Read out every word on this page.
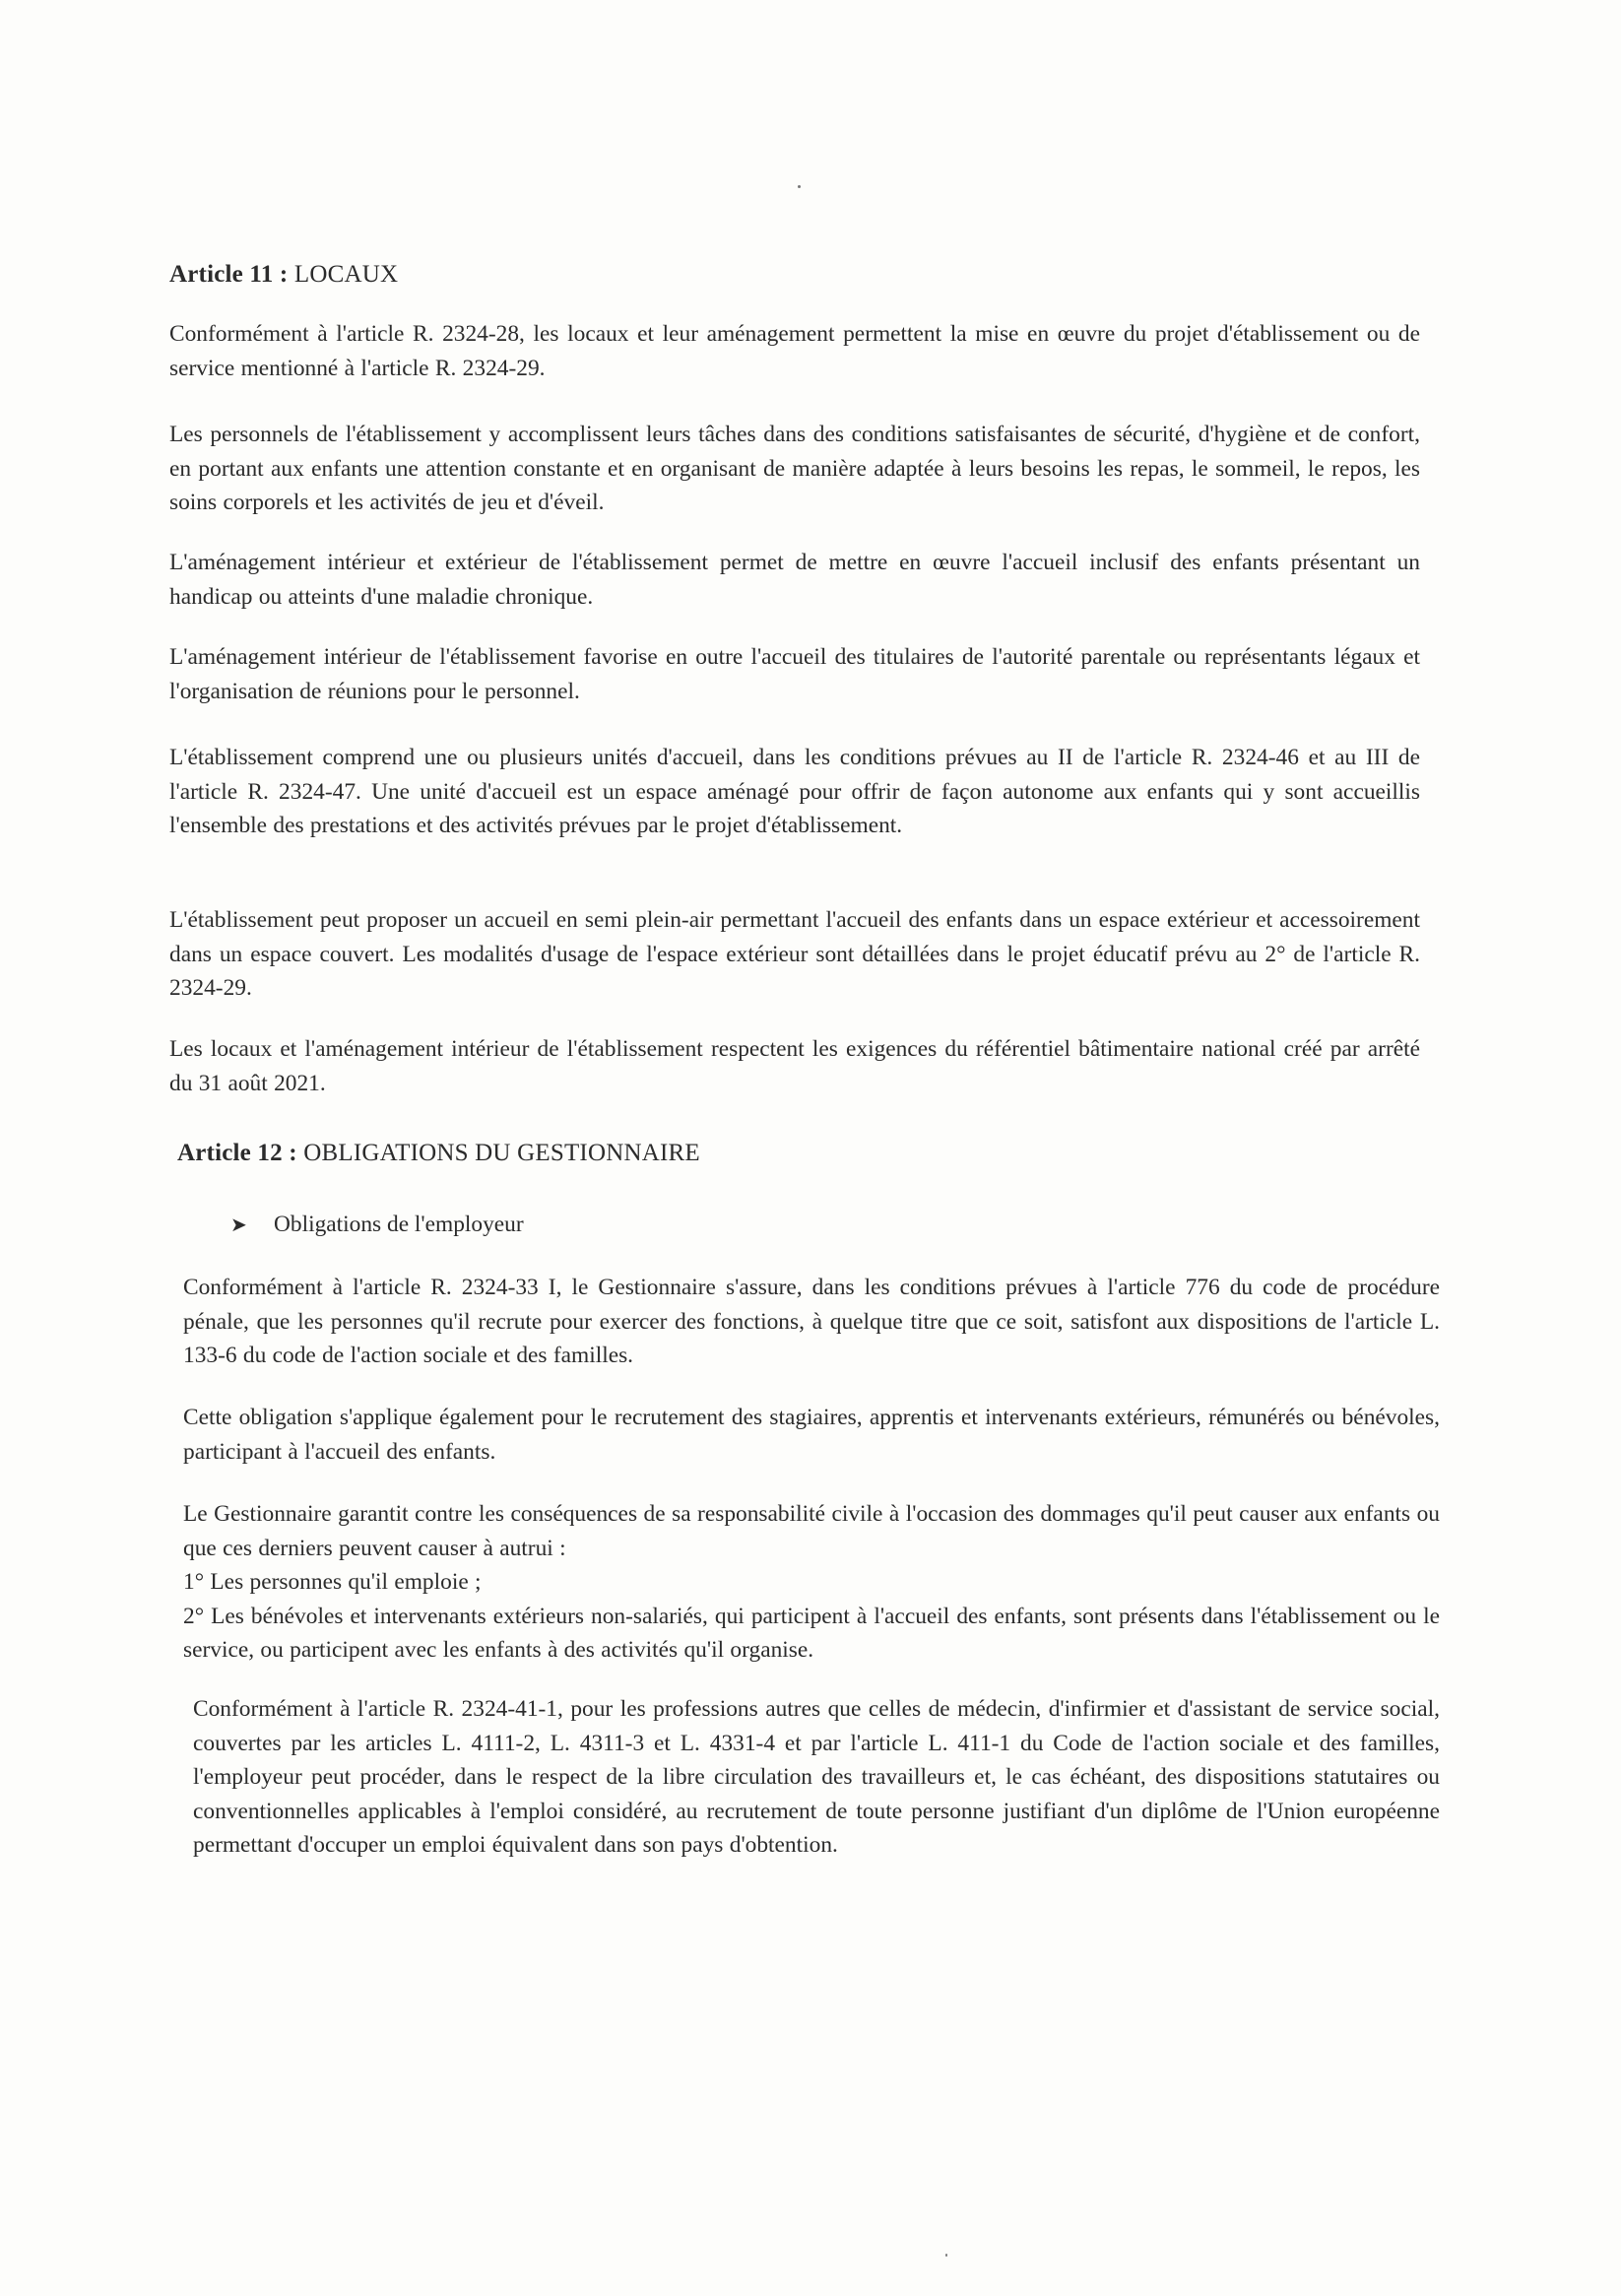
Article 11 : LOCAUX

Conformément à l'article R. 2324-28, les locaux et leur aménagement permettent la mise en œuvre du projet d'établissement ou de service mentionné à l'article R. 2324-29.

Les personnels de l'établissement y accomplissent leurs tâches dans des conditions satisfaisantes de sécurité, d'hygiène et de confort, en portant aux enfants une attention constante et en organisant de manière adaptée à leurs besoins les repas, le sommeil, le repos, les soins corporels et les activités de jeu et d'éveil.

L'aménagement intérieur et extérieur de l'établissement permet de mettre en œuvre l'accueil inclusif des enfants présentant un handicap ou atteints d'une maladie chronique.

L'aménagement intérieur de l'établissement favorise en outre l'accueil des titulaires de l'autorité parentale ou représentants légaux et l'organisation de réunions pour le personnel.

L'établissement comprend une ou plusieurs unités d'accueil, dans les conditions prévues au II de l'article R. 2324-46 et au III de l'article R. 2324-47. Une unité d'accueil est un espace aménagé pour offrir de façon autonome aux enfants qui y sont accueillis l'ensemble des prestations et des activités prévues par le projet d'établissement.

L'établissement peut proposer un accueil en semi plein-air permettant l'accueil des enfants dans un espace extérieur et accessoirement dans un espace couvert. Les modalités d'usage de l'espace extérieur sont détaillées dans le projet éducatif prévu au 2° de l'article R. 2324-29.

Les locaux et l'aménagement intérieur de l'établissement respectent les exigences du référentiel bâtimentaire national créé par arrêté du 31 août 2021.

Article 12 : OBLIGATIONS DU GESTIONNAIRE

➤ Obligations de l'employeur

Conformément à l'article R. 2324-33 I, le Gestionnaire s'assure, dans les conditions prévues à l'article 776 du code de procédure pénale, que les personnes qu'il recrute pour exercer des fonctions, à quelque titre que ce soit, satisfont aux dispositions de l'article L. 133-6 du code de l'action sociale et des familles.

Cette obligation s'applique également pour le recrutement des stagiaires, apprentis et intervenants extérieurs, rémunérés ou bénévoles, participant à l'accueil des enfants.

Le Gestionnaire garantit contre les conséquences de sa responsabilité civile à l'occasion des dommages qu'il peut causer aux enfants ou que ces derniers peuvent causer à autrui :
1° Les personnes qu'il emploie ;
2° Les bénévoles et intervenants extérieurs non-salariés, qui participent à l'accueil des enfants, sont présents dans l'établissement ou le service, ou participent avec les enfants à des activités qu'il organise.

Conformément à l'article R. 2324-41-1, pour les professions autres que celles de médecin, d'infirmier et d'assistant de service social, couvertes par les articles L. 4111-2, L. 4311-3 et L. 4331-4 et par l'article L. 411-1 du Code de l'action sociale et des familles, l'employeur peut procéder, dans le respect de la libre circulation des travailleurs et, le cas échéant, des dispositions statutaires ou conventionnelles applicables à l'emploi considéré, au recrutement de toute personne justifiant d'un diplôme de l'Union européenne permettant d'occuper un emploi équivalent dans son pays d'obtention.
